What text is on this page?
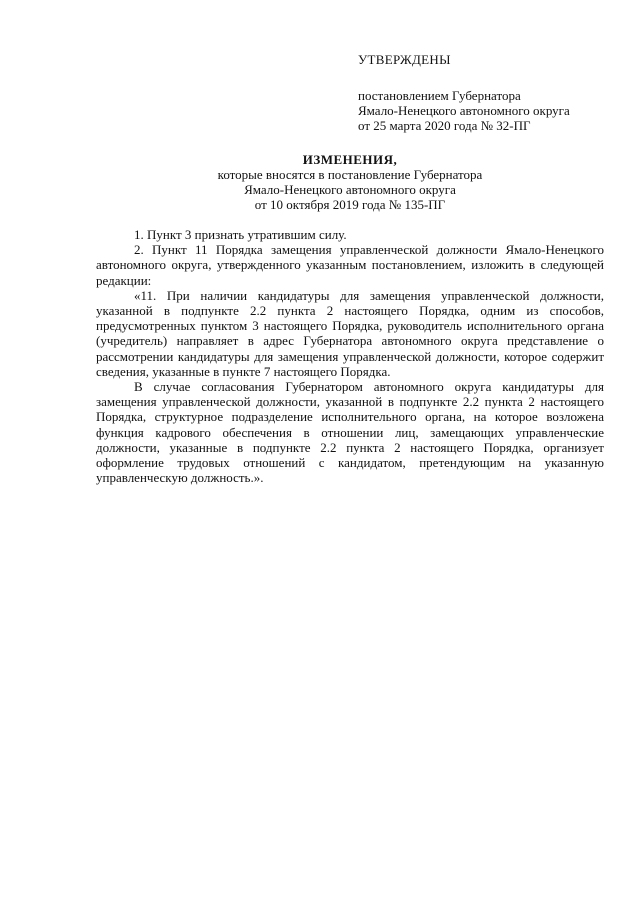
УТВЕРЖДЕНЫ

постановлением Губернатора

Ямало-Ненецкого автономного округа

от 25 марта 2020 года № 32-ПГ

ИЗМЕНЕНИЯ,

которые вносятся в постановление Губернатора

Ямало-Ненецкого автономного округа

от 10 октября 2019 года № 135-ПГ

1. Пункт 3 признать утратившим силу.

2. Пункт 11 Порядка замещения управленческой должности Ямало-Ненецкого автономного округа, утвержденного указанным постановлением, изложить в следующей редакции:

«11. При наличии кандидатуры для замещения управленческой должности, указанной в подпункте 2.2 пункта 2 настоящего Порядка, одним из способов, предусмотренных пунктом 3 настоящего Порядка, руководитель исполнительного органа (учредитель) направляет в адрес Губернатора автономного округа представление о рассмотрении кандидатуры для замещения управленческой должности, которое содержит сведения, указанные в пункте 7 настоящего Порядка.

В случае согласования Губернатором автономного округа кандидатуры для замещения управленческой должности, указанной в подпункте 2.2 пункта 2 настоящего Порядка, структурное подразделение исполнительного органа, на которое возложена функция кадрового обеспечения в отношении лиц, замещающих управленческие должности, указанные в подпункте 2.2 пункта 2 настоящего Порядка, организует оформление трудовых отношений с кандидатом, претендующим на указанную управленческую должность.».
